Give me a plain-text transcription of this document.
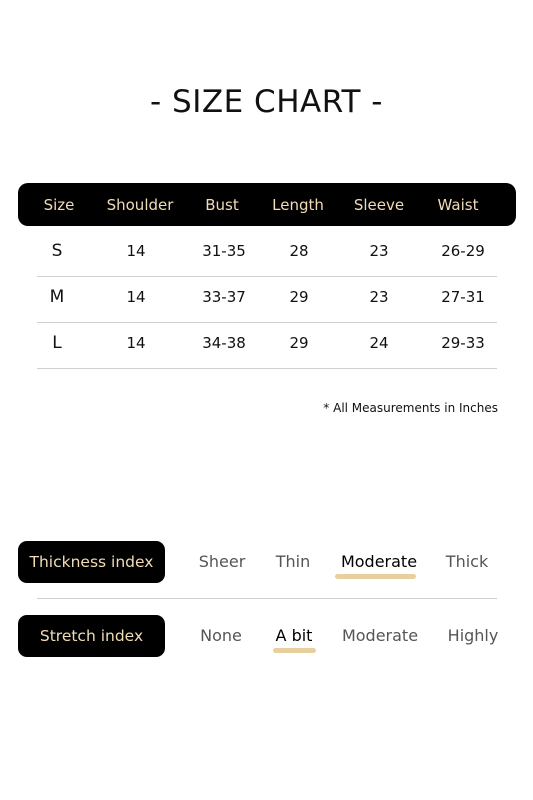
- SIZE CHART -
Size Shoulder Bust Length Sleeve Waist
S	14	31-35	28	23	26-29
M	14	33-37	29	23	27-31
L	14	34-38	29	24	29-33
* All Measurements in Inches
Thickness index	Sheer Thin Moderate Thick
Stretch index	None A bit Moderate Highly
